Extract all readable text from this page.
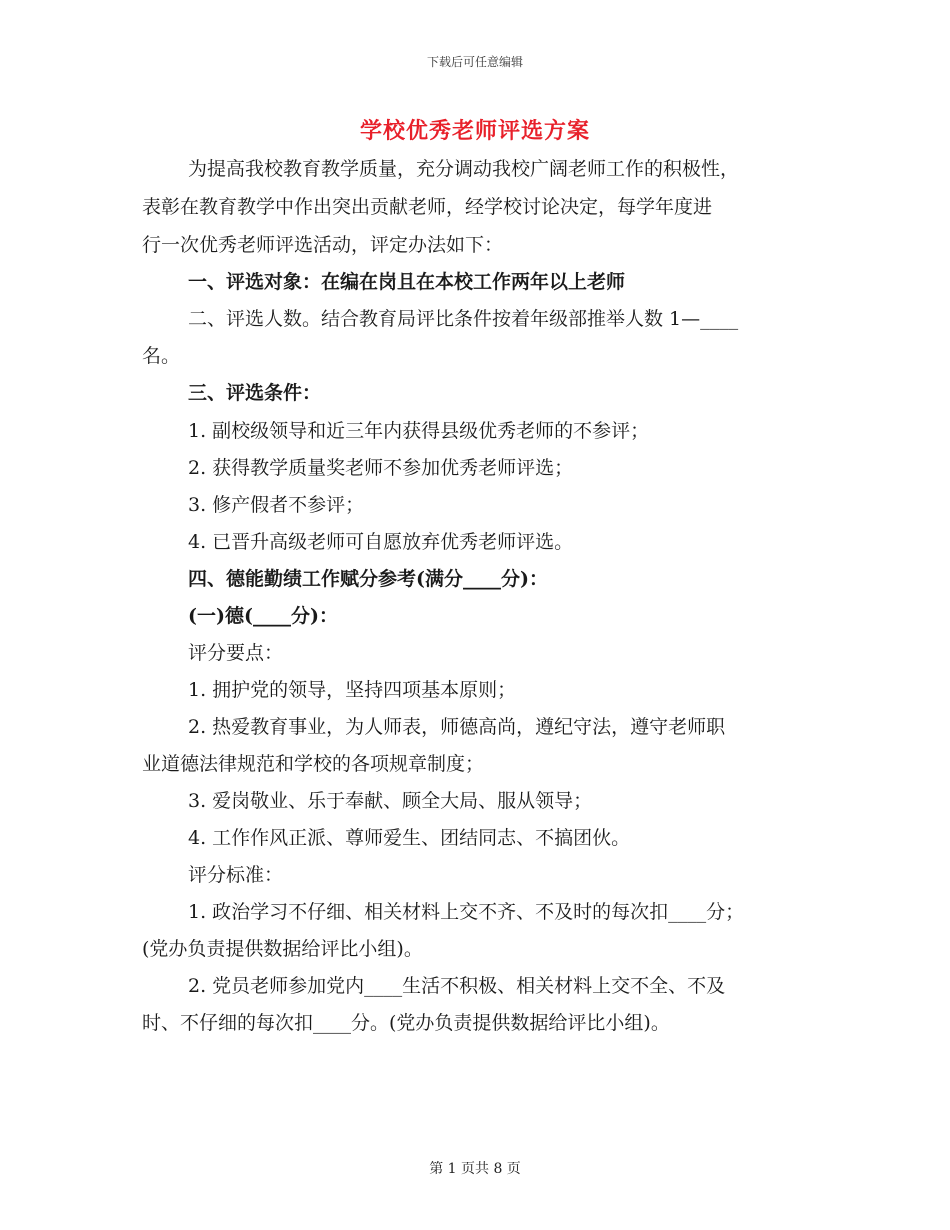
下载后可任意编辑
学校优秀老师评选方案
为提高我校教育教学质量，充分调动我校广阔老师工作的积极性，
表彰在教育教学中作出突出贡献老师，经学校讨论决定，每学年度进
行一次优秀老师评选活动，评定办法如下：
一、评选对象：在编在岗且在本校工作两年以上老师
二、评选人数。结合教育局评比条件按着年级部推举人数 1—____
名。
三、评选条件：
1. 副校级领导和近三年内获得县级优秀老师的不参评；
2. 获得教学质量奖老师不参加优秀老师评选；
3. 修产假者不参评；
4. 已晋升高级老师可自愿放弃优秀老师评选。
四、德能勤绩工作赋分参考(满分____分)：
(一)德(____分)：
评分要点：
1. 拥护党的领导，坚持四项基本原则；
2. 热爱教育事业，为人师表，师德高尚，遵纪守法，遵守老师职
业道德法律规范和学校的各项规章制度；
3. 爱岗敬业、乐于奉献、顾全大局、服从领导；
4. 工作作风正派、尊师爱生、团结同志、不搞团伙。
评分标准：
1. 政治学习不仔细、相关材料上交不齐、不及时的每次扣____分；
(党办负责提供数据给评比小组)。
2. 党员老师参加党内____生活不积极、相关材料上交不全、不及
时、不仔细的每次扣____分。(党办负责提供数据给评比小组)。
第 1 页共 8 页
